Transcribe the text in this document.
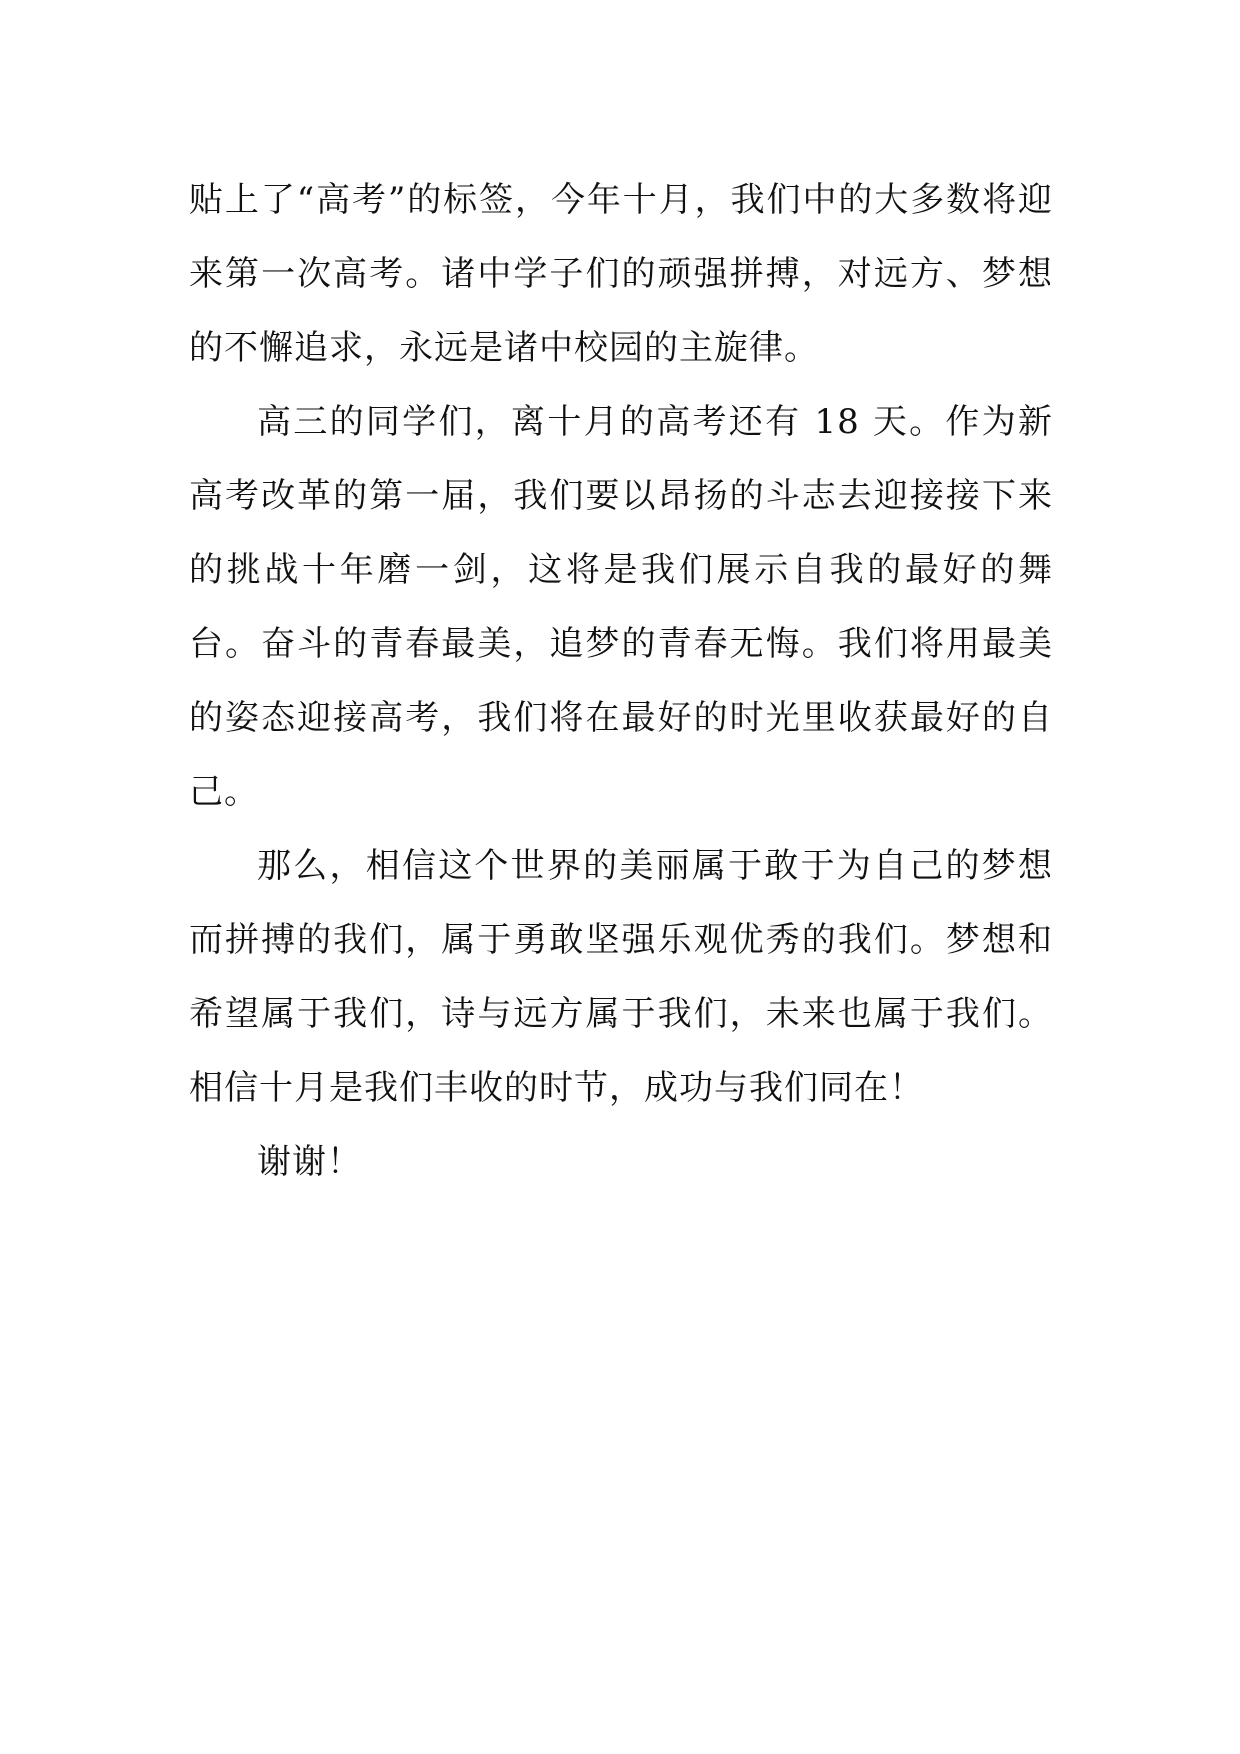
贴上了“高考”的标签，今年十月，我们中的大多数将迎来第一次高考。诸中学子们的顽强拼搏，对远方、梦想的不懈追求，永远是诸中校园的主旋律。

高三的同学们，离十月的高考还有 18 天。作为新高考改革的第一届，我们要以昂扬的斗志去迎接接下来的挑战十年磨一剑，这将是我们展示自我的最好的舞台。奋斗的青春最美，追梦的青春无悔。我们将用最美的姿态迎接高考，我们将在最好的时光里收获最好的自己。

那么，相信这个世界的美丽属于敢于为自己的梦想而拼搏的我们，属于勇敢坚强乐观优秀的我们。梦想和希望属于我们，诗与远方属于我们，未来也属于我们。相信十月是我们丰收的时节，成功与我们同在！

谢谢！
